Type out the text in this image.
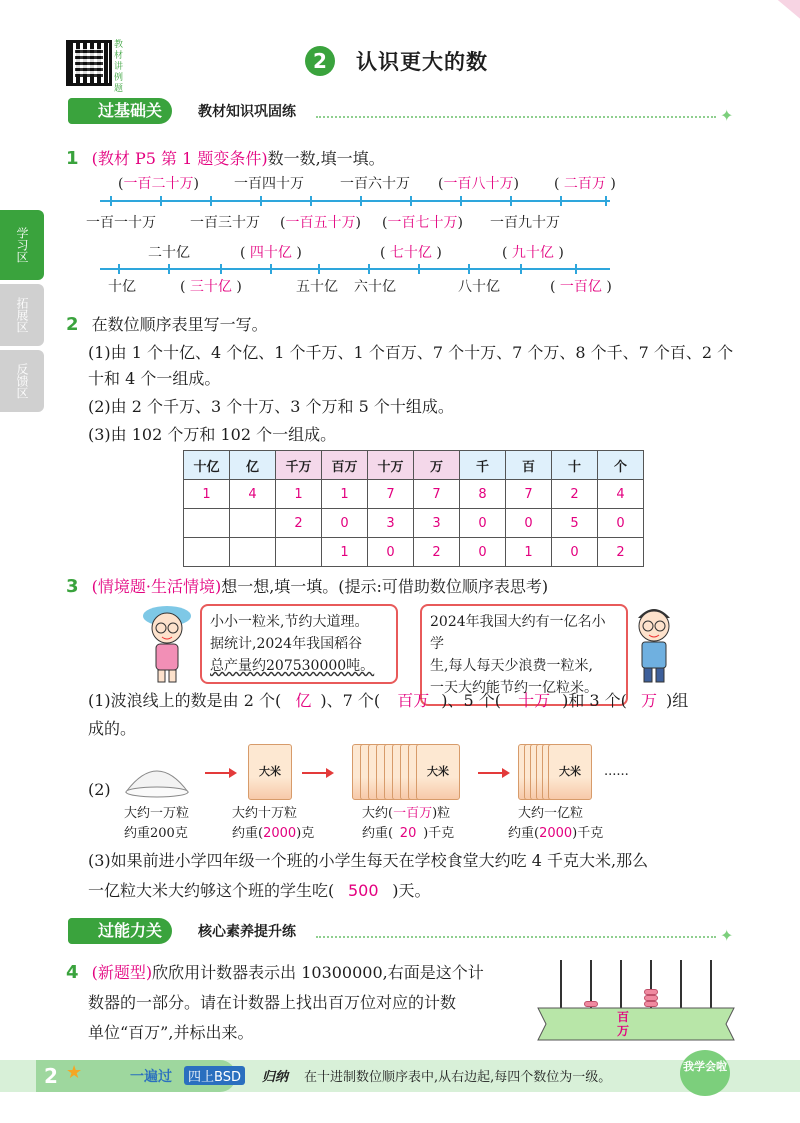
教材讲例题
2	认识更大的数	教师用书
学习区
拓展区
反馈区
过基础关	教材知识巩固练	✦
1 (教材 P5 第 1 题变条件)数一数,填一填。
(一百二十万)	一百四十万	一百六十万 (一百八十万)	( 二百万 )
一百一十万 一百三十万 (一百五十万) (一百七十万) 一百九十万
二十亿	( 四十亿 )	( 七十亿 )	( 九十亿 )
十亿	( 三十亿 )	五十亿 六十亿	八十亿	( 一百亿 )
2 在数位顺序表里写一写。
(1)由 1 个十亿、4 个亿、1 个千万、1 个百万、7 个十万、7 个万、8 个千、7 个百、2 个
十和 4 个一组成。
(2)由 2 个千万、3 个十万、3 个万和 5 个十组成。
(3)由 102 个万和 102 个一组成。
十亿	亿	千万	百万	十万	万	千	百	十	个
1	4	1	1	7	7	8	7	2	4
		2	0	3	3	0	0	5	0
			1	0	2	0	1	0	2
3 (情境题·生活情境)想一想,填一填。(提示:可借助数位顺序表思考)
小小一粒米,节约大道理。
据统计,2024年我国稻谷
总产量约207530000吨。
2024年我国大约有一亿名小学
生,每人每天少浪费一粒米,
一天大约能节约一亿粒米。
(1)波浪线上的数是由 2 个( 亿 )、7 个( 百万 )、5 个( 十万 )和 3 个( 万 )组
成的。
(2)
大米	大米	大米 ......
大约一万粒
约重200克
大约十万粒
约重(2000)克
大约(一百万)粒
约重( 20 )千克
大约一亿粒
约重(2000)千克
(3)如果前进小学四年级一个班的小学生每天在学校食堂大约吃 4 千克大米,那么
一亿粒大米大约够这个班的学生吃( 500 )天。
过能力关	核心素养提升练	✦
4 (新题型)欣欣用计数器表示出 10300000,右面是这个计
数器的一部分。请在计数器上找出百万位对应的计数
单位“百万”,并标出来。
百万
2 ★	一遍过	四上BSD	归纳 在十进制数位顺序表中,从右边起,每四个数位为一级。
我学会啦
